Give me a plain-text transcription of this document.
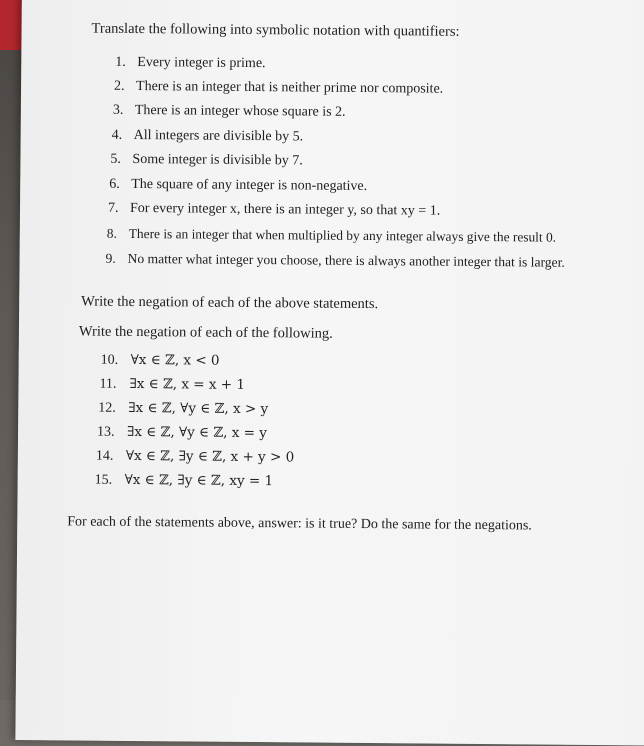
Translate the following into symbolic notation with quantifiers:
1. Every integer is prime.
2. There is an integer that is neither prime nor composite.
3. There is an integer whose square is 2.
4. All integers are divisible by 5.
5. Some integer is divisible by 7.
6. The square of any integer is non-negative.
7. For every integer x, there is an integer y, so that xy = 1.
8. There is an integer that when multiplied by any integer always give the result 0.
9. No matter what integer you choose, there is always another integer that is larger.
Write the negation of each of the above statements.
Write the negation of each of the following.
10. ∀x ∈ ℤ, x < 0
11. ∃x ∈ ℤ, x = x + 1
12. ∃x ∈ ℤ, ∀y ∈ ℤ, x > y
13. ∃x ∈ ℤ, ∀y ∈ ℤ, x = y
14. ∀x ∈ ℤ, ∃y ∈ ℤ, x + y > 0
15. ∀x ∈ ℤ, ∃y ∈ ℤ, xy = 1
For each of the statements above, answer: is it true? Do the same for the negations.
